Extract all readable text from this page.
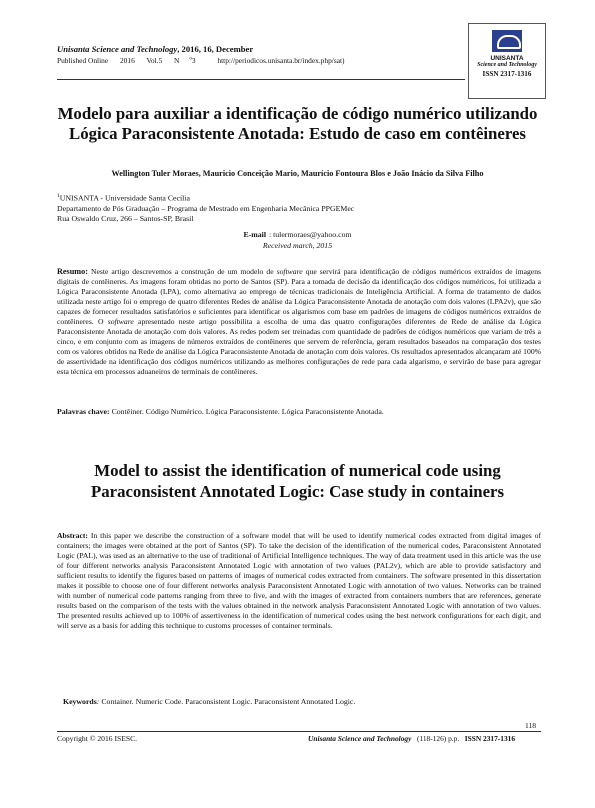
Unisanta Science and Technology, 2016, 16, December
Published Online 2016 Vol.5 N $^o$3	http://periodicos.unisanta.br/index.php/sat)	UNISANTA
Science and Technology
ISSN 2317-1316
Modelo para auxiliar a identificação de código numérico utilizando Lógica Paraconsistente Anotada: Estudo de caso em contêineres
Wellington Tuler Moraes, Mauricio Conceição Mario, Maurício Fontoura Blos e João Inácio da Silva Filho
$^1$UNISANTA - Universidade Santa Cecília
Departamento de Pós Graduação – Programa de Mestrado em Engenharia Mecânica PPGEMec
Rua Oswaldo Cruz, 266 – Santos-SP, Brasil
E-mail : tulermoraes@yahoo.com
Received march, 2015
Resumo: Neste artigo descrevemos a construção de um modelo de software que servirá para identificação de códigos numéricos extraídos de imagens digitais de contêineres. As imagens foram obtidas no porto de Santos (SP). Para a tomada de decisão da identificação dos códigos numéricos, foi utilizada a Lógica Paraconsistente Anotada (LPA), como alternativa ao emprego de técnicas tradicionais de Inteligência Artificial. A forma de tratamento de dados utilizada neste artigo foi o emprego de quatro diferentes Redes de análise da Lógica Paraconsistente Anotada de anotação com dois valores (LPA2v), que são capazes de fornecer resultados satisfatórios e suficientes para identificar os algarismos com base em padrões de imagens de códigos numéricos extraídos de contêineres. O software apresentado neste artigo possibilita a escolha de uma das quatro configurações diferentes de Rede de análise da Lógica Paraconsistente Anotada de anotação com dois valores. As redes podem ser treinadas com quantidade de padrões de códigos numéricos que variam de três a cinco, e em conjunto com as imagens de números extraídos de contêineres que servem de referência, geram resultados baseados na comparação dos testes com os valores obtidos na Rede de análise da Lógica Paraconsistente Anotada de anotação com dois valores. Os resultados apresentados alcançaram até 100% de assertividade na identificação dos códigos numéricos utilizando as melhores configurações de rede para cada algarismo, e servirão de base para agregar esta técnica em processos aduaneiros de terminais de contêineres.
Palavras chave: Contêiner. Código Numérico. Lógica Paraconsistente. Lógica Paraconsistente Anotada.
Model to assist the identification of numerical code using Paraconsistent Annotated Logic: Case study in containers
Abstract: In this paper we describe the construction of a software model that will be used to identify numerical codes extracted from digital images of containers; the images were obtained at the port of Santos (SP). To take the decision of the identification of the numerical codes, Paraconsistent Annotated Logic (PAL), was used as an alternative to the use of traditional of Artificial Intelligence techniques. The way of data treatment used in this article was the use of four different networks analysis Paraconsistent Annotated Logic with annotation of two values (PAL2v), which are able to provide satisfactory and sufficient results to identify the figures based on patterns of images of numerical codes extracted from containers. The software presented in this dissertation makes it possible to choose one of four different networks analysis Paraconsistent Annotated Logic with annotation of two values. Networks can be trained with number of numerical code patterns ranging from three to five, and with the images of extracted from containers numbers that are references, generate results based on the comparison of the tests with the values obtained in the network analysis Paraconsistent Annotated Logic with annotation of two values. The presented results achieved up to 100% of assertiveness in the identification of numerical codes using the best network configurations for each digit, and will serve as a basis for adding this technique to customs processes of container terminals.
Keywords: Container. Numeric Code. Paraconsistent Logic. Paraconsistent Annotated Logic.
118
Copyright © 2016 ISESC.	Unisanta Science and Technology (118-126) p.p. ISSN 2317-1316
